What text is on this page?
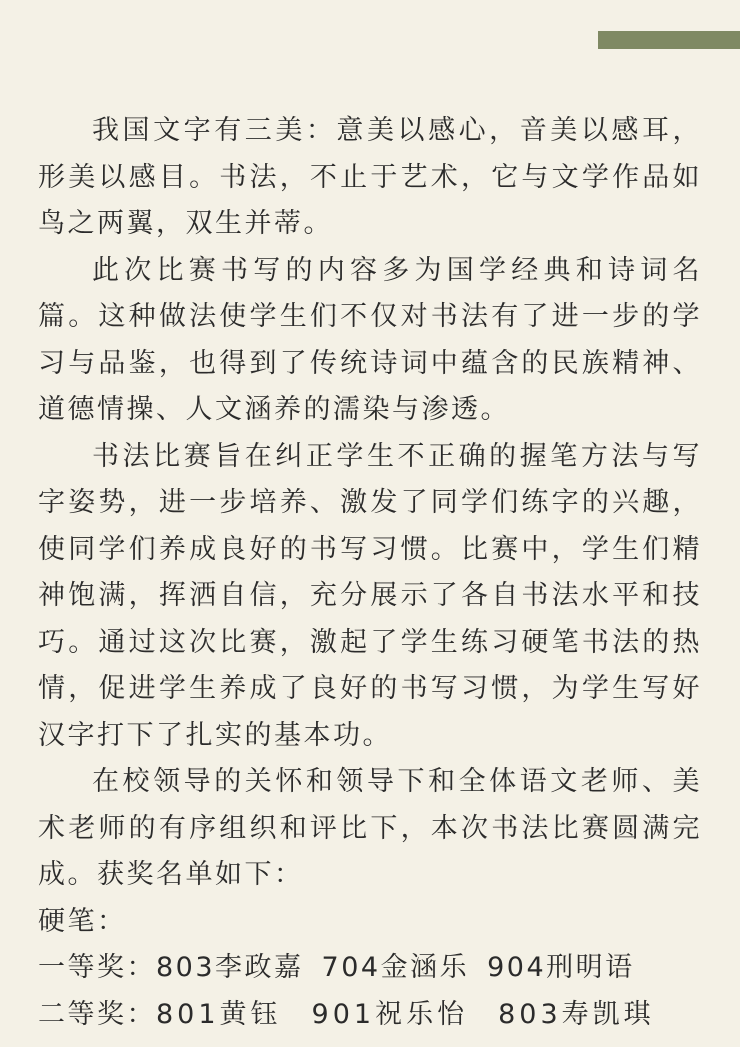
我国文字有三美：意美以感心，音美以感耳，形美以感目。书法，不止于艺术，它与文学作品如鸟之两翼，双生并蒂。

此次比赛书写的内容多为国学经典和诗词名篇。这种做法使学生们不仅对书法有了进一步的学习与品鉴，也得到了传统诗词中蕴含的民族精神、道德情操、人文涵养的濡染与渗透。

书法比赛旨在纠正学生不正确的握笔方法与写字姿势，进一步培养、激发了同学们练字的兴趣，使同学们养成良好的书写习惯。比赛中，学生们精神饱满，挥洒自信，充分展示了各自书法水平和技巧。通过这次比赛，激起了学生练习硬笔书法的热情，促进学生养成了良好的书写习惯，为学生写好汉字打下了扎实的基本功。

在校领导的关怀和领导下和全体语文老师、美术老师的有序组织和评比下，本次书法比赛圆满完成。获奖名单如下：

硬笔：

一等奖：803李政嘉 704金涵乐 904刑明语

二等奖：801黄钰 901祝乐怡 803寿凯琪
